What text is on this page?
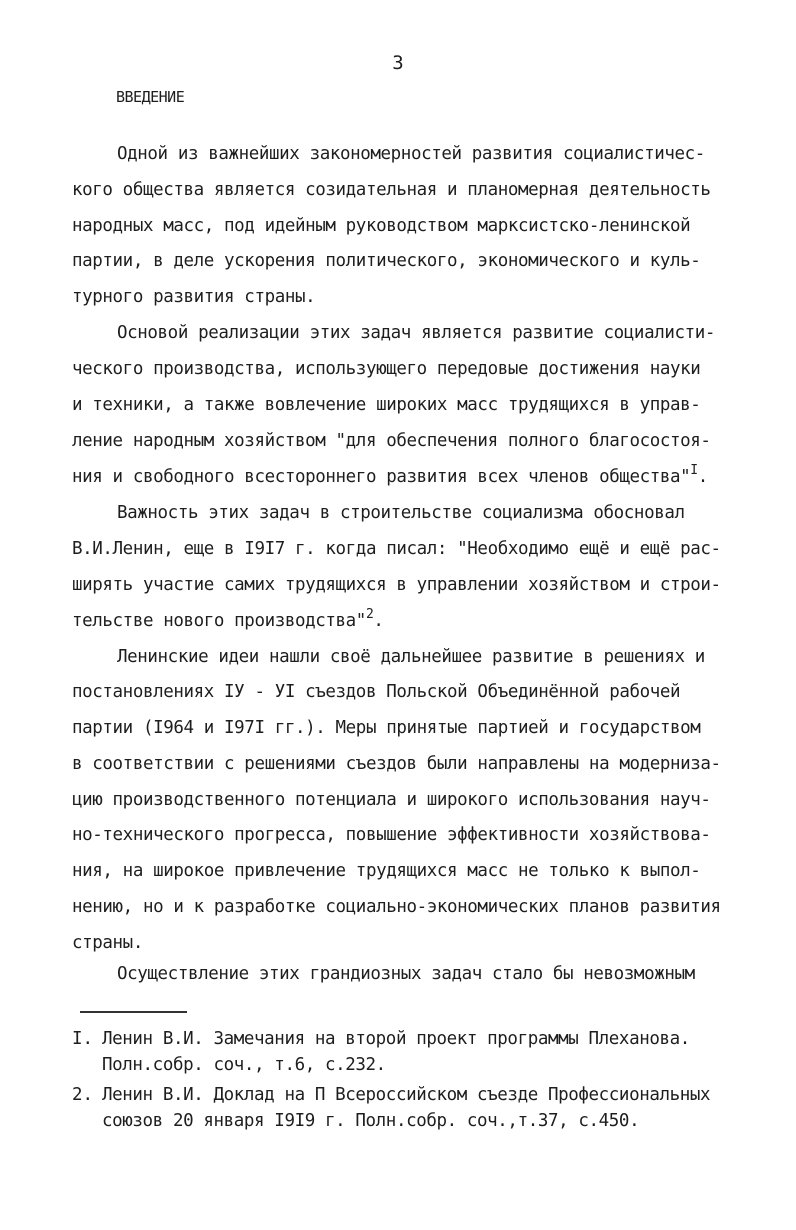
3
ВВЕДЕНИЕ
Одной из важнейших закономерностей развития социалистичес-
кого общества является созидательная и планомерная деятельность
народных масс, под идейным руководством марксистско-ленинской
партии, в деле ускорения политического, экономического и куль-
турного развития страны.
Основой реализации этих задач является развитие социалисти-
ческого производства, использующего передовые достижения науки
и техники, а также вовлечение широких масс трудящихся в управ-
ление народным хозяйством "для обеспечения полного благосостоя-
ния и свободного всестороннего развития всех членов общества"$^I$.
Важность этих задач в строительстве социализма обосновал
В.И.Ленин, еще в I9I7 г. когда писал: "Необходимо ещё и ещё рас-
ширять участие самих трудящихся в управлении хозяйством и строи-
тельстве нового производства"$^2$.
Ленинские идеи нашли своё дальнейшее развитие в решениях и
постановлениях IУ - УI съездов Польской Объединённой рабочей
партии (I964 и I97I гг.). Меры принятые партией и государством
в соответствии с решениями съездов были направлены на модерниза-
цию производственного потенциала и широкого использования науч-
но-технического прогресса, повышение эффективности хозяйствова-
ния, на широкое привлечение трудящихся масс не только к выпол-
нению, но и к разработке социально-экономических планов развития
страны.
Осуществление этих грандиозных задач стало бы невозможным
I. Ленин В.И. Замечания на второй проект программы Плеханова.
Полн.собр. соч., т.6, с.232.
2. Ленин В.И. Доклад на П Всероссийском съезде Профессиональных
союзов 20 января I9I9 г. Полн.собр. соч.,т.37, с.450.
